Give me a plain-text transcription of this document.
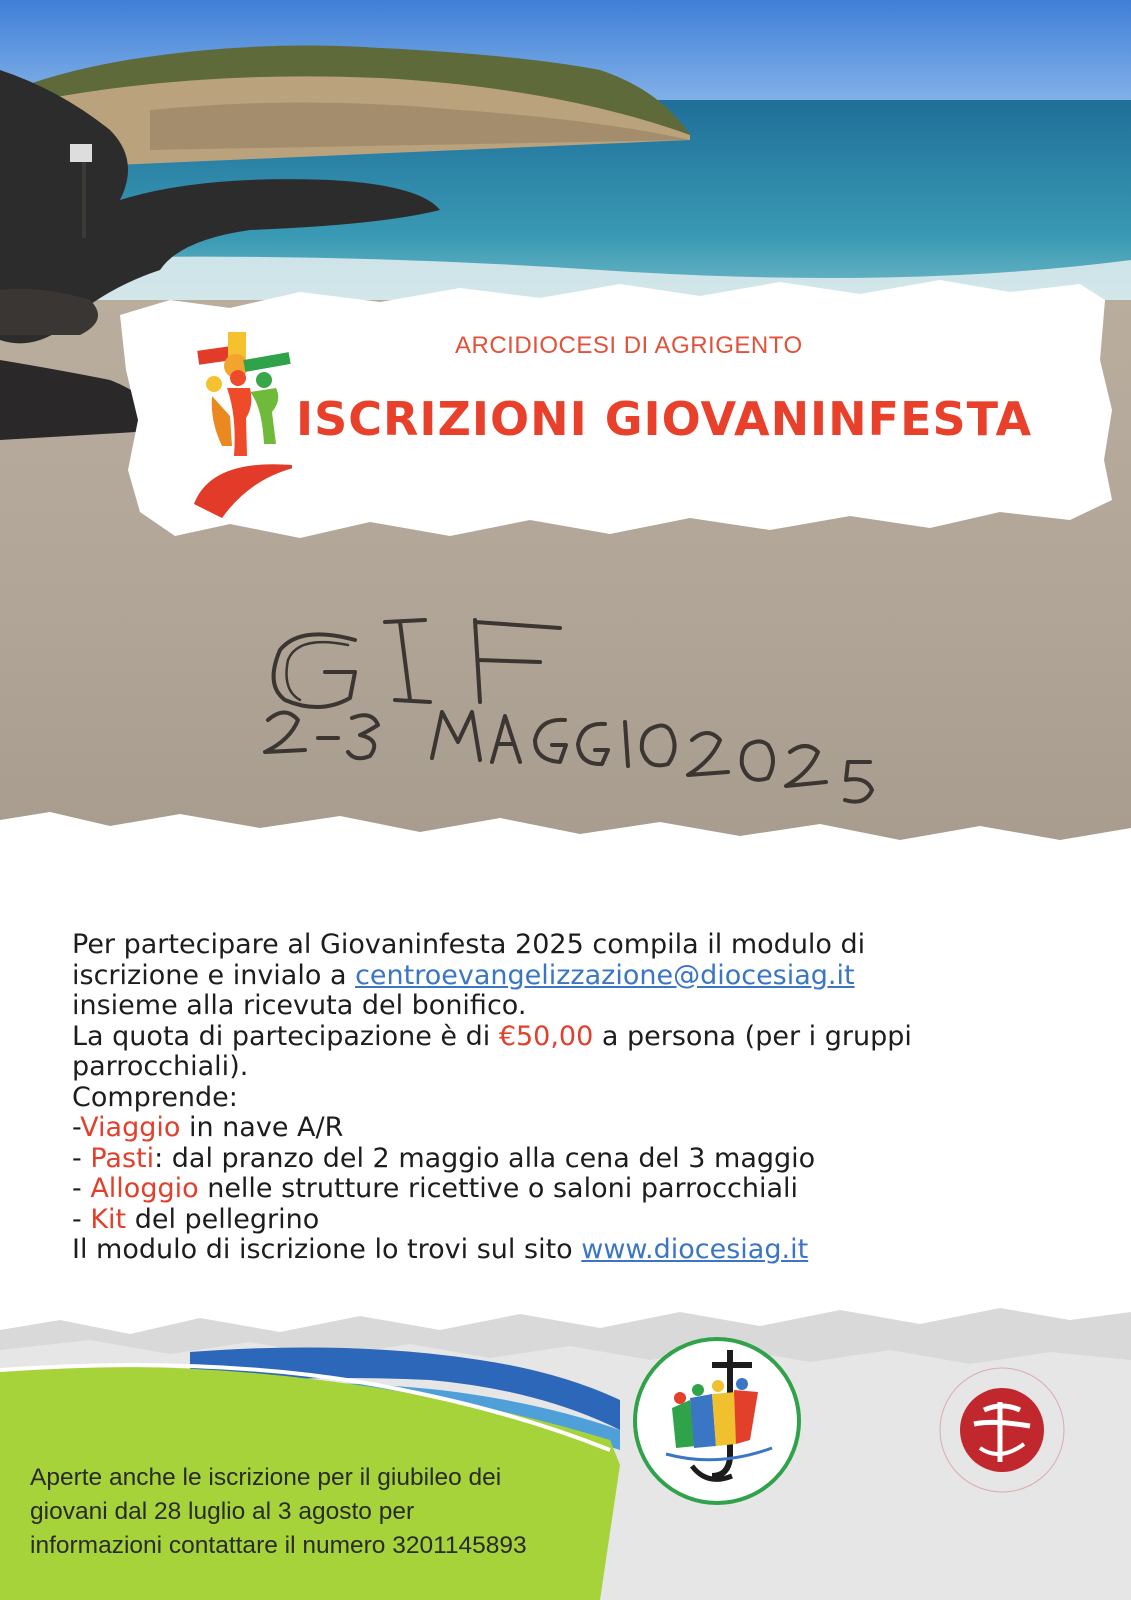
ARCIDIOCESI DI AGRIGENTO
ISCRIZIONI GIOVANINFESTA
Per partecipare al Giovaninfesta 2025 compila il modulo di
iscrizione e invialo a centroevangelizzazione@diocesiag.it
insieme alla ricevuta del bonifico.
La quota di partecipazione è di €50,00 a persona (per i gruppi
parrocchiali).
Comprende:
-Viaggio in nave A/R
- Pasti: dal pranzo del 2 maggio alla cena del 3 maggio
- Alloggio nelle strutture ricettive o saloni parrocchiali
- Kit del pellegrino
Il modulo di iscrizione lo trovi sul sito www.diocesiag.it
Aperte anche le iscrizione per il giubileo dei
giovani dal 28 luglio al 3 agosto per
informazioni contattare il numero 3201145893
